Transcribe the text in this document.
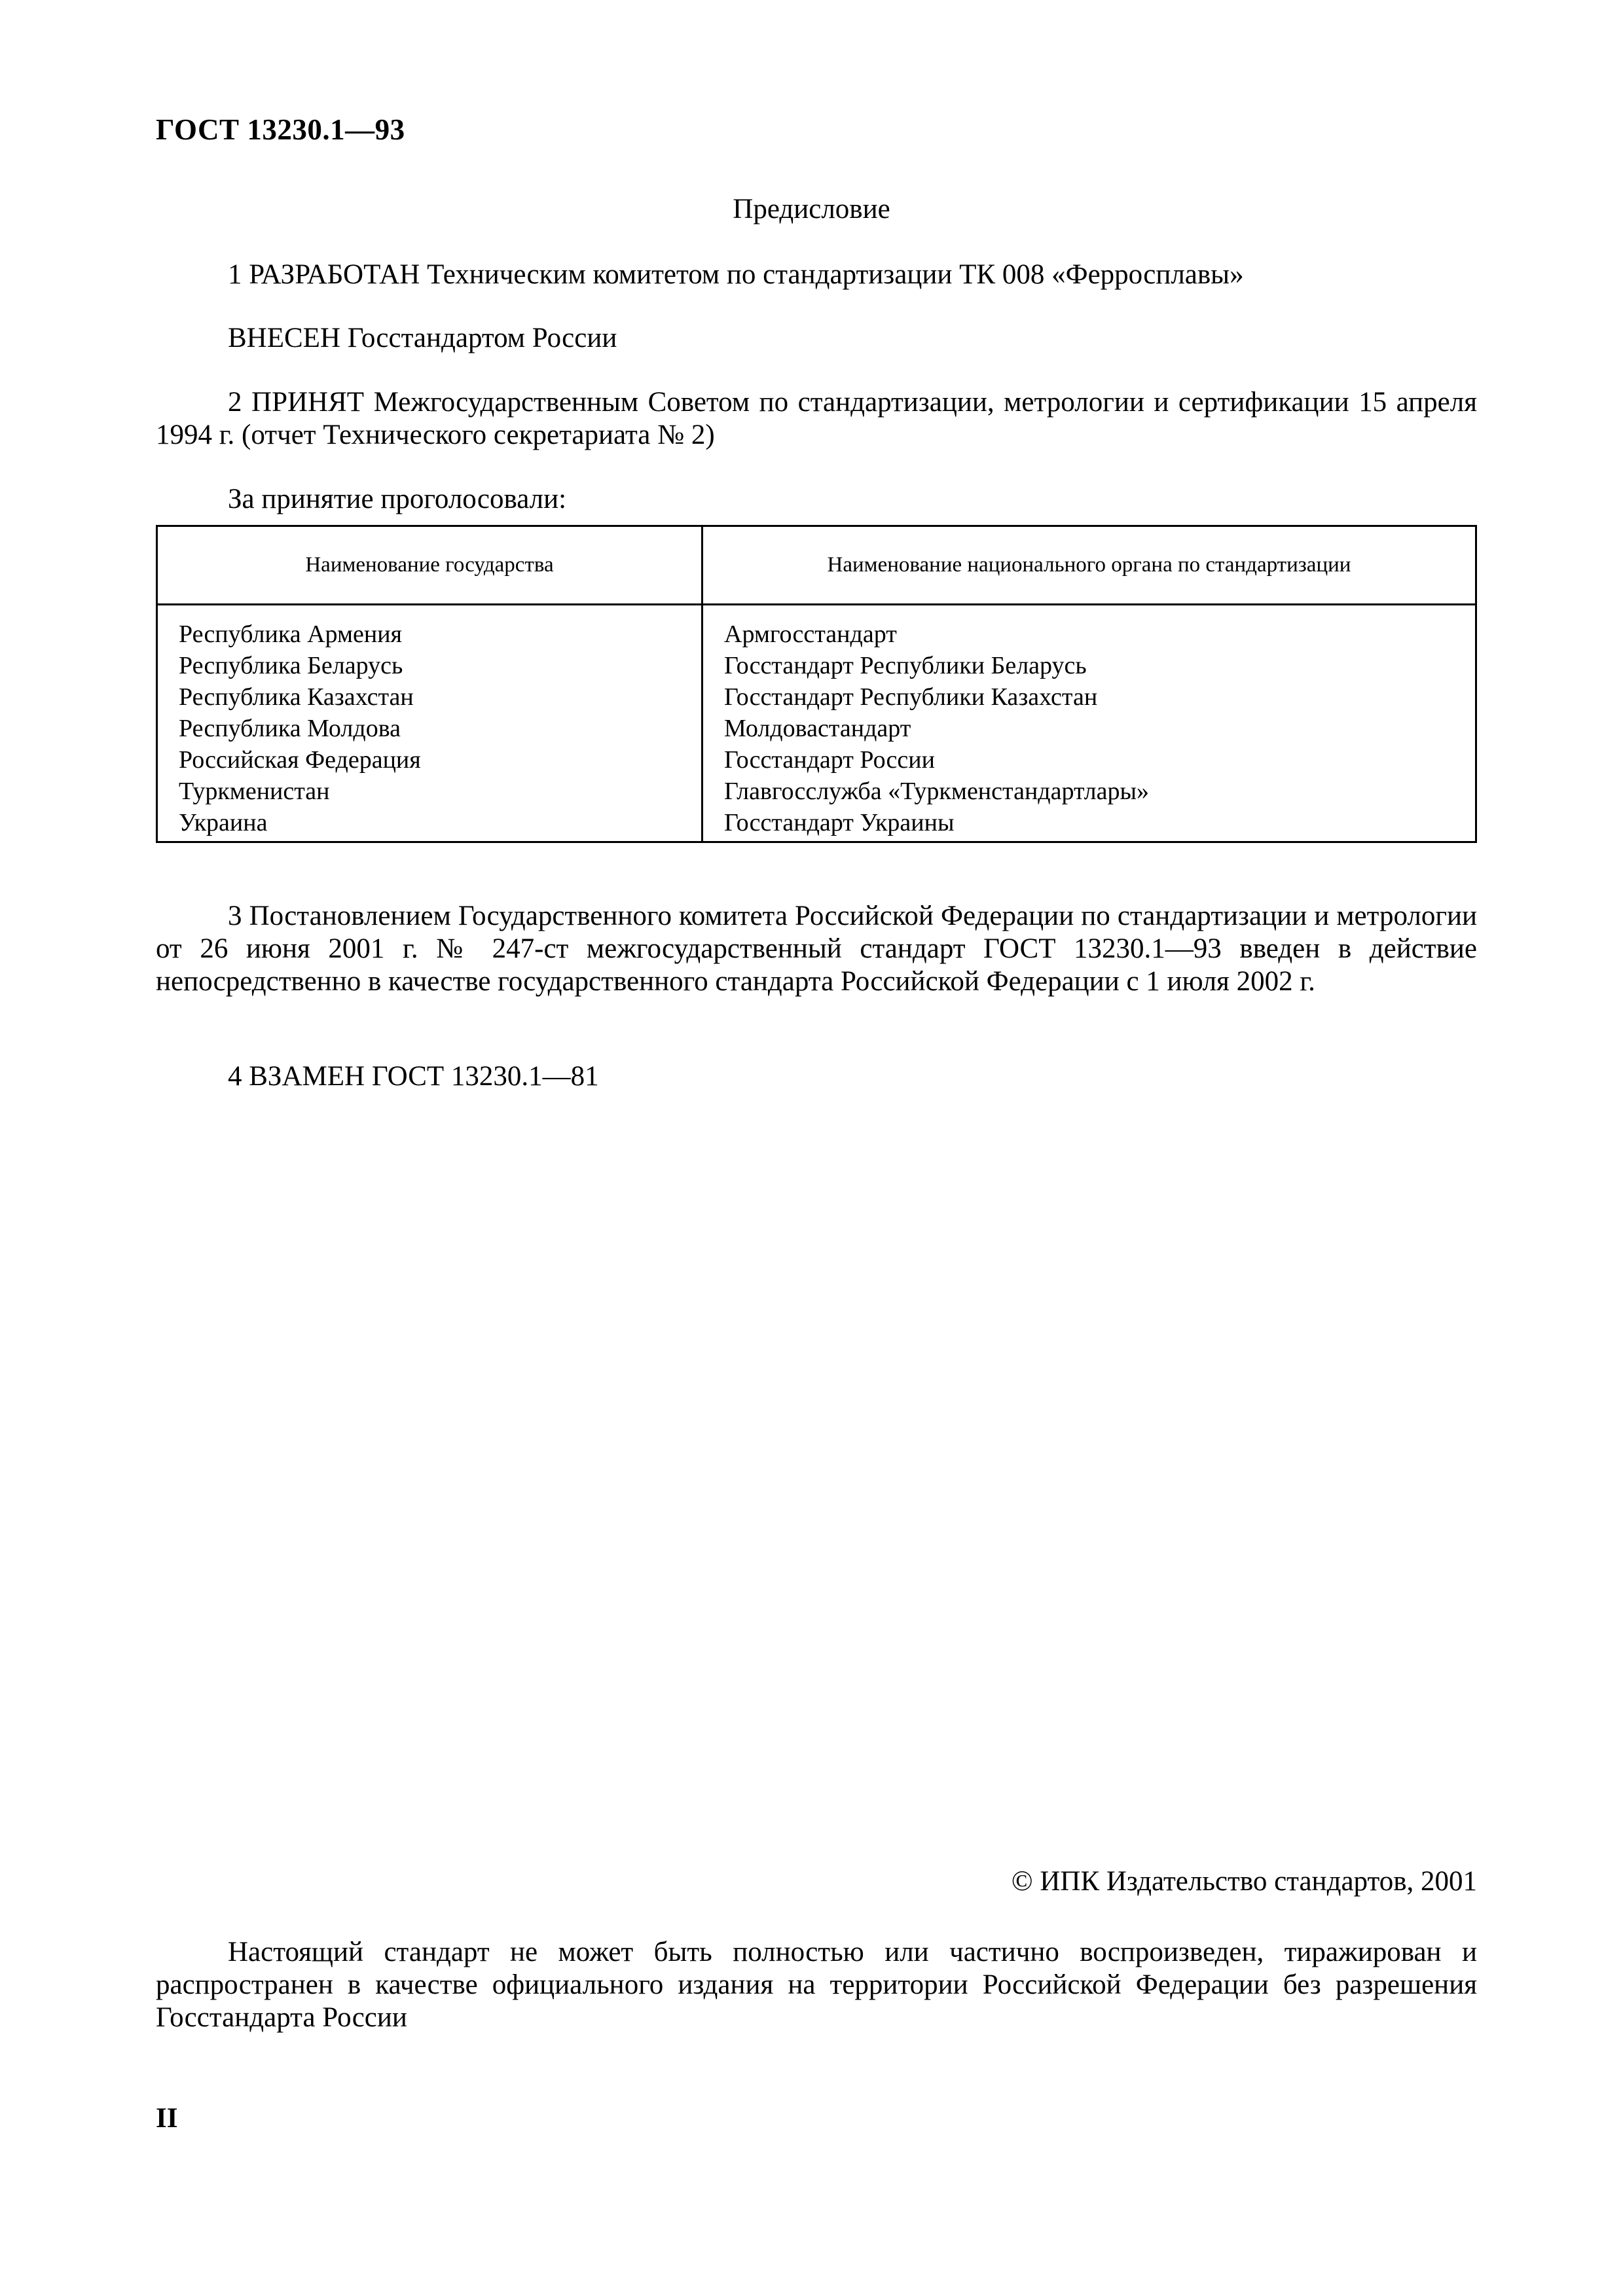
ГОСТ 13230.1—93
Предисловие
1 РАЗРАБОТАН Техническим комитетом по стандартизации ТК 008 «Ферросплавы»
ВНЕСЕН Госстандартом России
2 ПРИНЯТ Межгосударственным Советом по стандартизации, метрологии и сертификации 15 апреля 1994 г. (отчет Технического секретариата № 2)
За принятие проголосовали:
Наименование государства	Наименование национального органа по стандартизации
Республика Армения	Армгосстандарт
Республика Беларусь	Госстандарт Республики Беларусь
Республика Казахстан	Госстандарт Республики Казахстан
Республика Молдова	Молдовастандарт
Российская Федерация	Госстандарт России
Туркменистан	Главгосслужба «Туркменстандартлары»
Украина	Госстандарт Украины
3 Постановлением Государственного комитета Российской Федерации по стандартизации и метрологии от 26 июня 2001 г. № 247-ст межгосударственный стандарт ГОСТ 13230.1—93 введен в действие непосредственно в качестве государственного стандарта Российской Федерации с 1 июля 2002 г.
4 ВЗАМЕН ГОСТ 13230.1—81
© ИПК Издательство стандартов, 2001
Настоящий стандарт не может быть полностью или частично воспроизведен, тиражирован и распространен в качестве официального издания на территории Российской Федерации без разрешения Госстандарта России
II
